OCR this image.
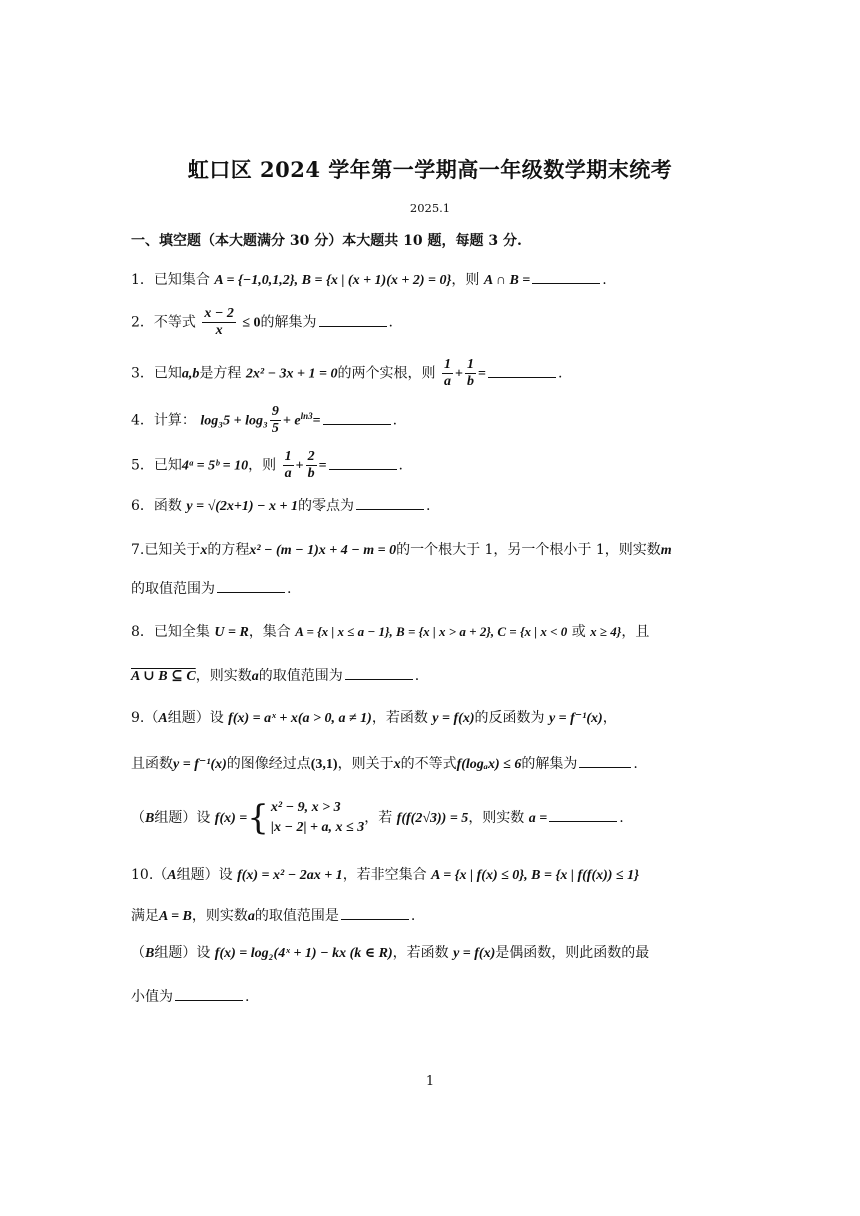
虹口区 2024 学年第一学期高一年级数学期末统考
2025.1
一、填空题（本大题满分 30 分）本大题共 10 题，每题 3 分.
1．已知集合 A = {−1,0,1,2}, B = {x | (x + 1)(x + 2) = 0}，则 A ∩ B =	.
2．不等式 $\frac{x - 2}{x} \le 0$的解集为	.
3．已知a,b是方程 2x² − 3x + 1 = 0的两个实根，则 $\frac{1}{a} + \frac{1}{b}$ =	.
4．计算： $\log_35 + \log_3 \frac{9}{5} + e^{ln3}=$	.
5．已知4ᵃ = 5ᵇ = 10，则 $\frac{1}{a} + \frac{2}{b}$ =	.
6．函数 y = √(2x+1) − x + 1的零点为	.
7.已知关于x的方程x² − (m − 1)x + 4 − m = 0的一个根大于 1，另一个根小于 1，则实数m
的取值范围为	.
8．已知全集 U = R，集合 A = {x | x ≤ a − 1}, B = {x | x > a + 2}, C = {x | x < 0 或 x ≥ 4}，且
A ∪ B ⊆ C，则实数a的取值范围为	.
9.（A组题）设 f(x) = aˣ + x(a > 0, a ≠ 1)，若函数 y = f(x)的反函数为 y = f⁻¹(x)，
且函数y = f⁻¹(x)的图像经过点(3,1)，则关于x的不等式f(logₐx) ≤ 6的解集为	.
（B组题）设 f(x) ={ x² − 9, x > 3
|x − 2| + a, x ≤ 3
，若 f(f(2√3)) = 5，则实数 a =	.
10.（A组题）设 f(x) = x² − 2ax + 1，若非空集合 A = {x | f(x) ≤ 0}, B = {x | f(f(x)) ≤ 1}
满足A = B，则实数a的取值范围是	.
（B组题）设 f(x) = log₂(4ˣ + 1) − kx (k ∈ R)，若函数 y = f(x)是偶函数，则此函数的最
小值为	.
1
